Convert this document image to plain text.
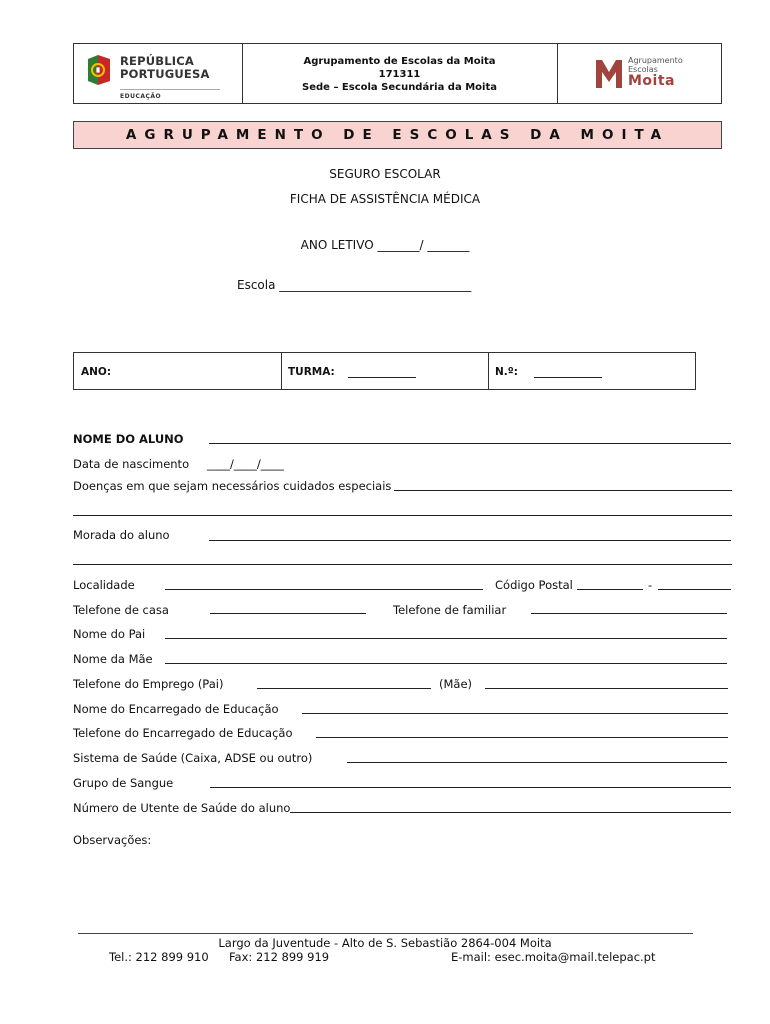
REPÚBLICA
PORTUGUESA
EDUCAÇÃO
Agrupamento de Escolas da Moita
171311
Sede – Escola Secundária da Moita
Agrupamento
Escolas
Moita
AGRUPAMENTO DE ESCOLAS DA MOITA
SEGURO ESCOLAR
FICHA DE ASSISTÊNCIA MÉDICA
ANO LETIVO _______/ _______
Escola ________________________________
ANO:	TURMA:	N.º:
NOME DO ALUNO
Data de nascimento ____/____/____
Doenças em que sejam necessários cuidados especiais
Morada do aluno
Localidade	Código Postal	-
Telefone de casa	Telefone de familiar
Nome do Pai
Nome da Mãe
Telefone do Emprego (Pai)	(Mãe)
Nome do Encarregado de Educação
Telefone do Encarregado de Educação
Sistema de Saúde (Caixa, ADSE ou outro)
Grupo de Sangue
Número de Utente de Saúde do aluno
Observações:
Largo da Juventude - Alto de S. Sebastião 2864-004 Moita
Tel.: 212 899 910 Fax: 212 899 919	E-mail: esec.moita@mail.telepac.pt
